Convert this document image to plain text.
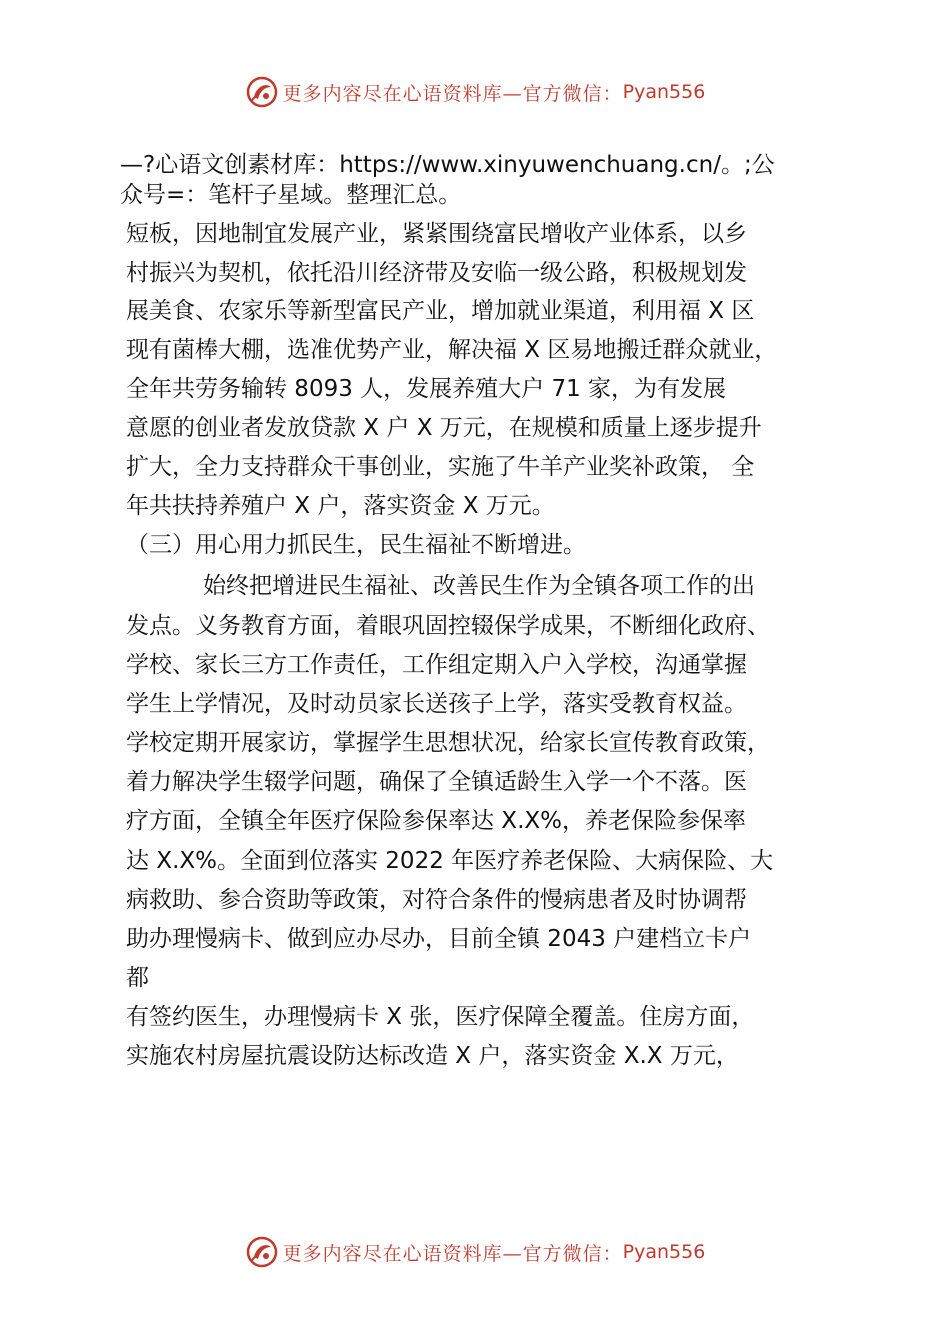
更多内容尽在心语资料库—官方微信： Pyan556
—?心语文创素材库：https://www.xinyuwenchuang.cn/。;公
众号=：笔杆子星域。整理汇总。
短板，因地制宜发展产业，紧紧围绕富民增收产业体系，以乡
村振兴为契机，依托沿川经济带及安临一级公路，积极规划发
展美食、农家乐等新型富民产业，增加就业渠道，利用福 X 区
现有菌棒大棚，选准优势产业，解决福 X 区易地搬迁群众就业，
全年共劳务输转 8093 人，发展养殖大户 71 家，为有发展
意愿的创业者发放贷款 X 户 X 万元，在规模和质量上逐步提升
扩大，全力支持群众干事创业，实施了牛羊产业奖补政策， 全
年共扶持养殖户 X 户，落实资金 X 万元。
（三）用心用力抓民生，民生福祉不断增进。
始终把增进民生福祉、改善民生作为全镇各项工作的出
发点。义务教育方面，着眼巩固控辍保学成果，不断细化政府、
学校、家长三方工作责任，工作组定期入户入学校，沟通掌握
学生上学情况，及时动员家长送孩子上学，落实受教育权益。
学校定期开展家访，掌握学生思想状况，给家长宣传教育政策，
着力解决学生辍学问题，确保了全镇适龄生入学一个不落。医
疗方面，全镇全年医疗保险参保率达 X.X%，养老保险参保率
达 X.X%。全面到位落实 2022 年医疗养老保险、大病保险、大
病救助、参合资助等政策，对符合条件的慢病患者及时协调帮
助办理慢病卡、做到应办尽办，目前全镇 2043 户建档立卡户
都
有签约医生，办理慢病卡 X 张，医疗保障全覆盖。住房方面，
实施农村房屋抗震设防达标改造 X 户，落实资金 X.X 万元，
更多内容尽在心语资料库—官方微信： Pyan556
